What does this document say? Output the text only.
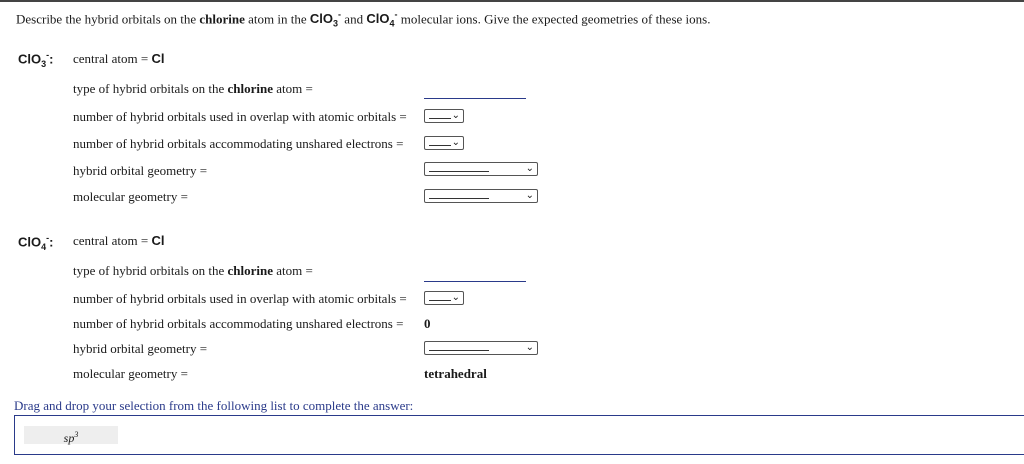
Describe the hybrid orbitals on the chlorine atom in the ClO$_3$- and ClO$_4$- molecular ions. Give the expected geometries of these ions.
ClO$_3$-: central atom = Cl
type of hybrid orbitals on the chlorine atom =
number of hybrid orbitals used in overlap with atomic orbitals =	⌄
number of hybrid orbitals accommodating unshared electrons =	⌄
hybrid orbital geometry =	⌄
molecular geometry =	⌄
ClO$_4$-: central atom = Cl
type of hybrid orbitals on the chlorine atom =
number of hybrid orbitals used in overlap with atomic orbitals =	⌄
number of hybrid orbitals accommodating unshared electrons = 0
hybrid orbital geometry =	⌄
molecular geometry =	tetrahedral
Drag and drop your selection from the following list to complete the answer:
$sp^3$
